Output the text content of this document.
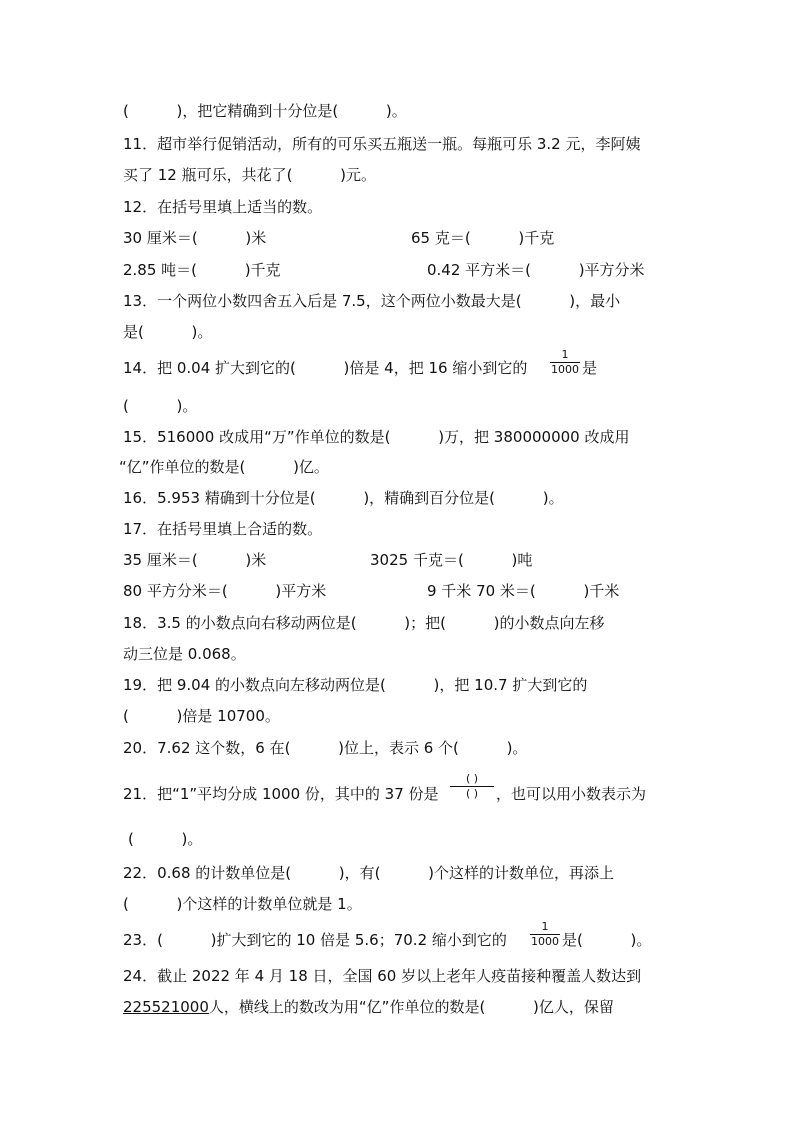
(          )，把它精确到十分位是(          )。
11．超市举行促销活动，所有的可乐买五瓶送一瓶。每瓶可乐 3.2 元，李阿姨
买了 12 瓶可乐，共花了(          )元。
12．在括号里填上适当的数。
30 厘米＝(          )米	65 克＝(          )千克
2.85 吨＝(          )千克	0.42 平方米＝(          )平方分米
13．一个两位小数四舍五入后是 7.5，这个两位小数最大是(          )，最小
是(          )。
14．把 0.04 扩大到它的(          )倍是 4，把 16 缩小到它的
1
1000 是
(          )。
15．516000 改成用“万”作单位的数是(          )万，把 380000000 改成用
“亿”作单位的数是(          )亿。
16．5.953 精确到十分位是(          )，精确到百分位是(          )。
17．在括号里填上合适的数。
35 厘米＝(          )米	3025 千克＝(          )吨
80 平方分米＝(          )平方米	9 千米 70 米＝(          )千米
18．3.5 的小数点向右移动两位是(          )；把(          )的小数点向左移
动三位是 0.068。
19．把 9.04 的小数点向左移动两位是(          )，把 10.7 扩大到它的
(          )倍是 10700。
20．7.62 这个数，6 在(          )位上，表示 6 个(          )。
21．把“1”平均分成 1000 份，其中的 37 份是
( )
( )	，也可以用小数表示为
(          )。
22．0.68 的计数单位是(          )，有(          )个这样的计数单位，再添上
(          )个这样的计数单位就是 1。
23．(          )扩大到它的 10 倍是 5.6；70.2 缩小到它的
1
1000 是(          )。
24．截止 2022 年 4 月 18 日，全国 60 岁以上老年人疫苗接种覆盖人数达到
225521000人，横线上的数改为用“亿”作单位的数是(          )亿人，保留
